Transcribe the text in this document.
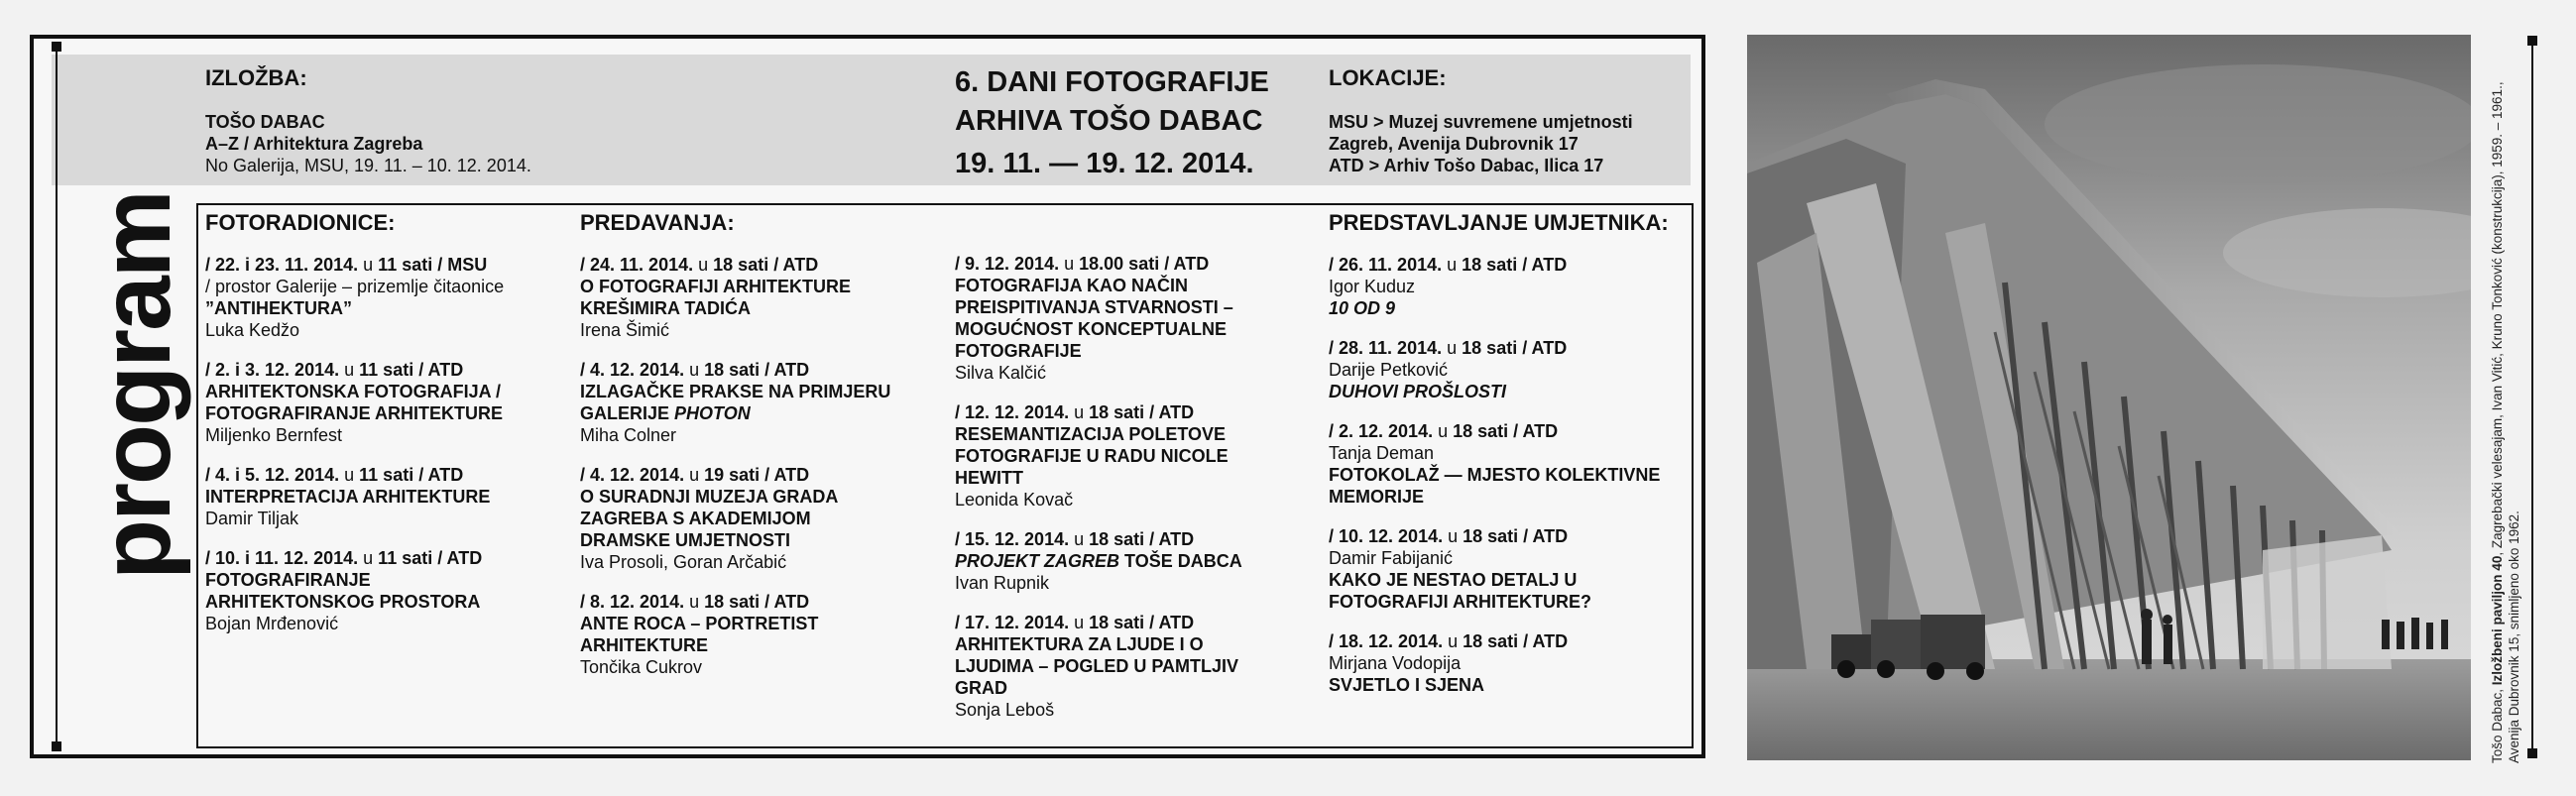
program
IZLOŽBA:
TOŠO DABAC
A–Z / Arhitektura Zagreba
No Galerija, MSU, 19. 11. – 10. 12. 2014.
6. DANI FOTOGRAFIJE
ARHIVA TOŠO DABAC
19. 11. — 19. 12. 2014.
LOKACIJE:
MSU > Muzej suvremene umjetnosti
Zagreb, Avenija Dubrovnik 17
ATD > Arhiv Tošo Dabac, Ilica 17
FOTORADIONICE:
/ 22. i 23. 11. 2014. u 11 sati / MSU
/ prostor Galerije – prizemlje čitaonice
”ANTIHEKTURA”
Luka Kedžo
/ 2. i 3. 12. 2014. u 11 sati / ATD
ARHITEKTONSKA FOTOGRAFIJA /
FOTOGRAFIRANJE ARHITEKTURE
Miljenko Bernfest
/ 4. i 5. 12. 2014. u 11 sati / ATD
INTERPRETACIJA ARHITEKTURE
Damir Tiljak
/ 10. i 11. 12. 2014. u 11 sati / ATD
FOTOGRAFIRANJE
ARHITEKTONSKOG PROSTORA
Bojan Mrđenović
PREDAVANJA:
/ 24. 11. 2014. u 18 sati / ATD
O FOTOGRAFIJI ARHITEKTURE
KREŠIMIRA TADIĆA
Irena Šimić
/ 4. 12. 2014. u 18 sati / ATD
IZLAGAČKE PRAKSE NA PRIMJERU
GALERIJE PHOTON
Miha Colner
/ 4. 12. 2014. u 19 sati / ATD
O SURADNJI MUZEJA GRADA
ZAGREBA S AKADEMIJOM
DRAMSKE UMJETNOSTI
Iva Prosoli, Goran Arčabić
/ 8. 12. 2014. u 18 sati / ATD
ANTE ROCA – PORTRETIST
ARHITEKTURE
Tončika Cukrov
/ 9. 12. 2014. u 18.00 sati / ATD
FOTOGRAFIJA KAO NAČIN
PREISPITIVANJA STVARNOSTI –
MOGUĆNOST KONCEPTUALNE
FOTOGRAFIJE
Silva Kalčić
/ 12. 12. 2014. u 18 sati / ATD
RESEMANTIZACIJA POLETOVE
FOTOGRAFIJE U RADU NICOLE
HEWITT
Leonida Kovač
/ 15. 12. 2014. u 18 sati / ATD
PROJEKT ZAGREB TOŠE DABCA
Ivan Rupnik
/ 17. 12. 2014. u 18 sati / ATD
ARHITEKTURA ZA LJUDE I O
LJUDIMA – POGLED U PAMTLJIV
GRAD
Sonja Leboš
PREDSTAVLJANJE UMJETNIKA:
/ 26. 11. 2014. u 18 sati / ATD
Igor Kuduz
10 OD 9
/ 28. 11. 2014. u 18 sati / ATD
Darije Petković
DUHOVI PROŠLOSTI
/ 2. 12. 2014. u 18 sati / ATD
Tanja Deman
FOTOKOLAŽ — MJESTO KOLEKTIVNE
MEMORIJE
/ 10. 12. 2014. u 18 sati / ATD
Damir Fabijanić
KAKO JE NESTAO DETALJ U
FOTOGRAFIJI ARHITEKTURE?
/ 18. 12. 2014. u 18 sati / ATD
Mirjana Vodopija
SVJETLO I SJENA
Tošo Dabac, Izložbeni paviljon 40, Zagrebački velesajam, Ivan Vitić, Kruno Tonković (konstrukcija), 1959. – 1961., Avenija Dubrovnik 15, snimljeno oko 1962.
